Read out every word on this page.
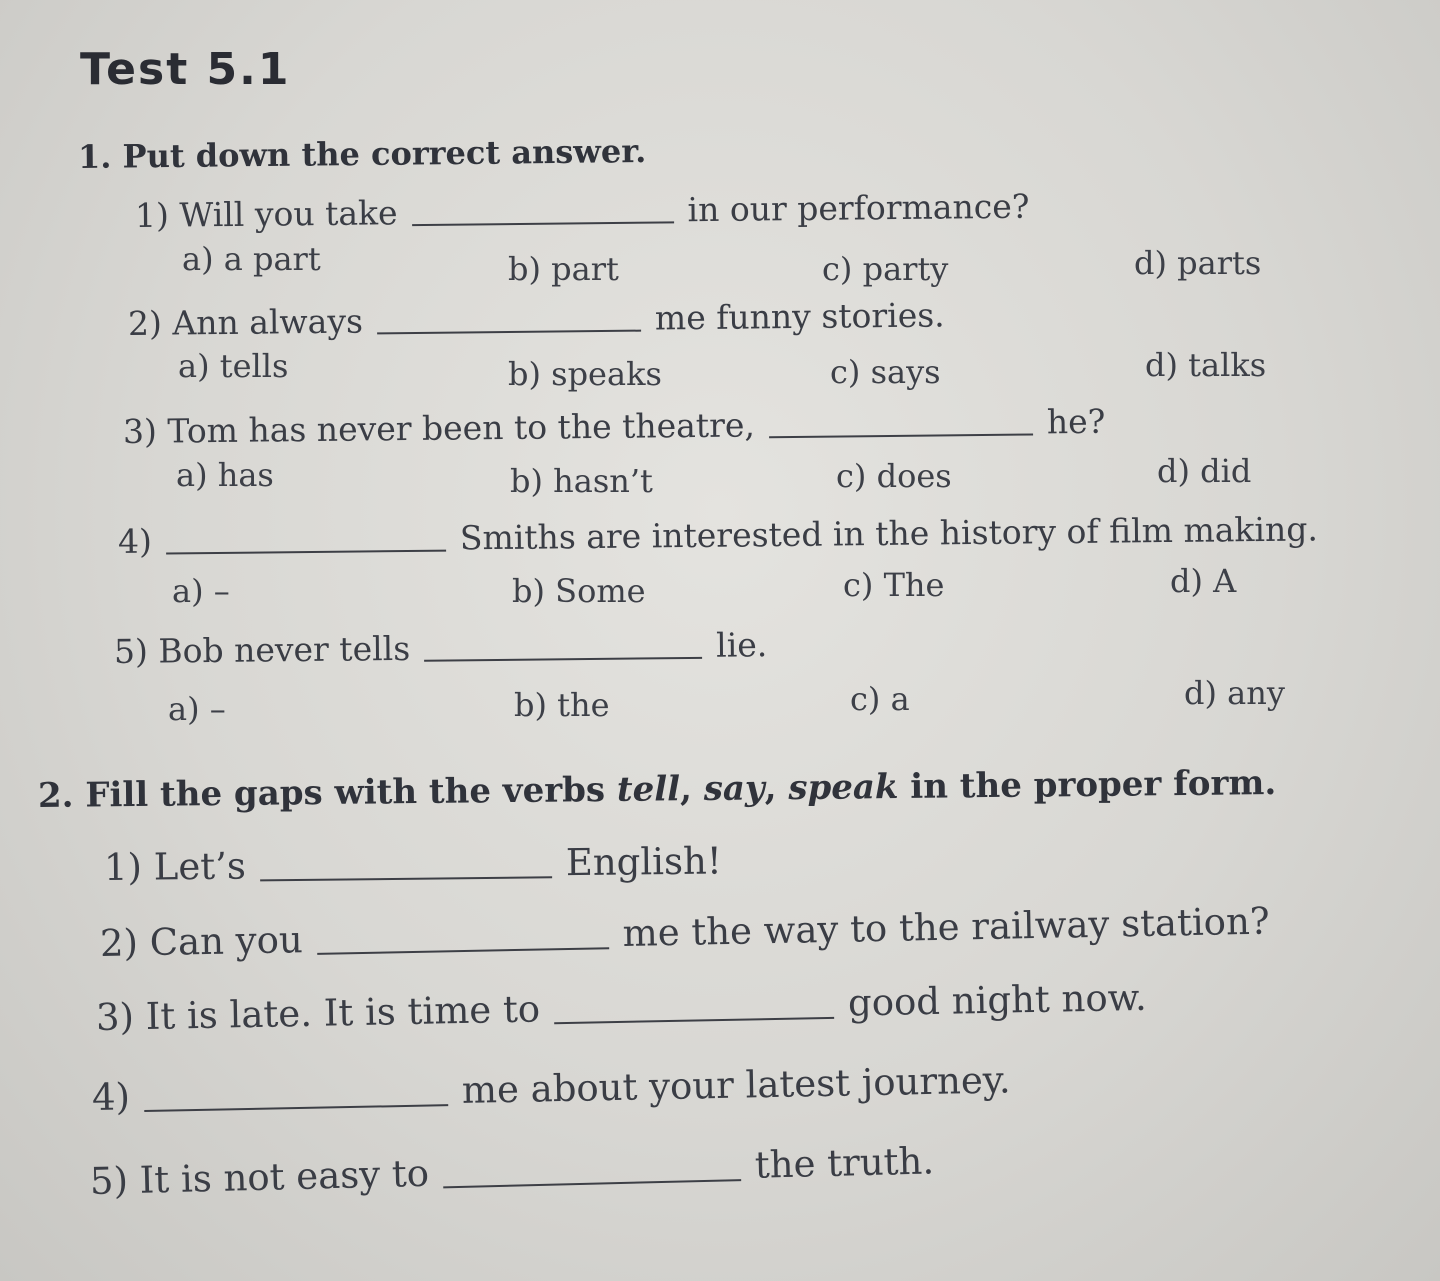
Test 5.1
1. Put down the correct answer.
1)
Will you take	in our performance?
a) a part	b) part	c) party	d) parts
2)
Ann always	me funny stories.
a) tells	b) speaks	c) says	d) talks
3)
Tom has never been to the theatre,	he?
a) has	b) hasn’t	c) does	d) did
4)	Smiths are interested in the history of film making.
a) –	b) Some	c) The	d) A
5)
Bob never tells	lie.
a) –	b) the	c) a	d) any
2. Fill the gaps with the verbs tell, say, speak in the proper form.
1)
Let’s	English!
2)
Can you	me the way to the railway station?
3)
It is late. It is time to	good night now.
4)	me about your latest journey.
5)
It is not easy to	the truth.
